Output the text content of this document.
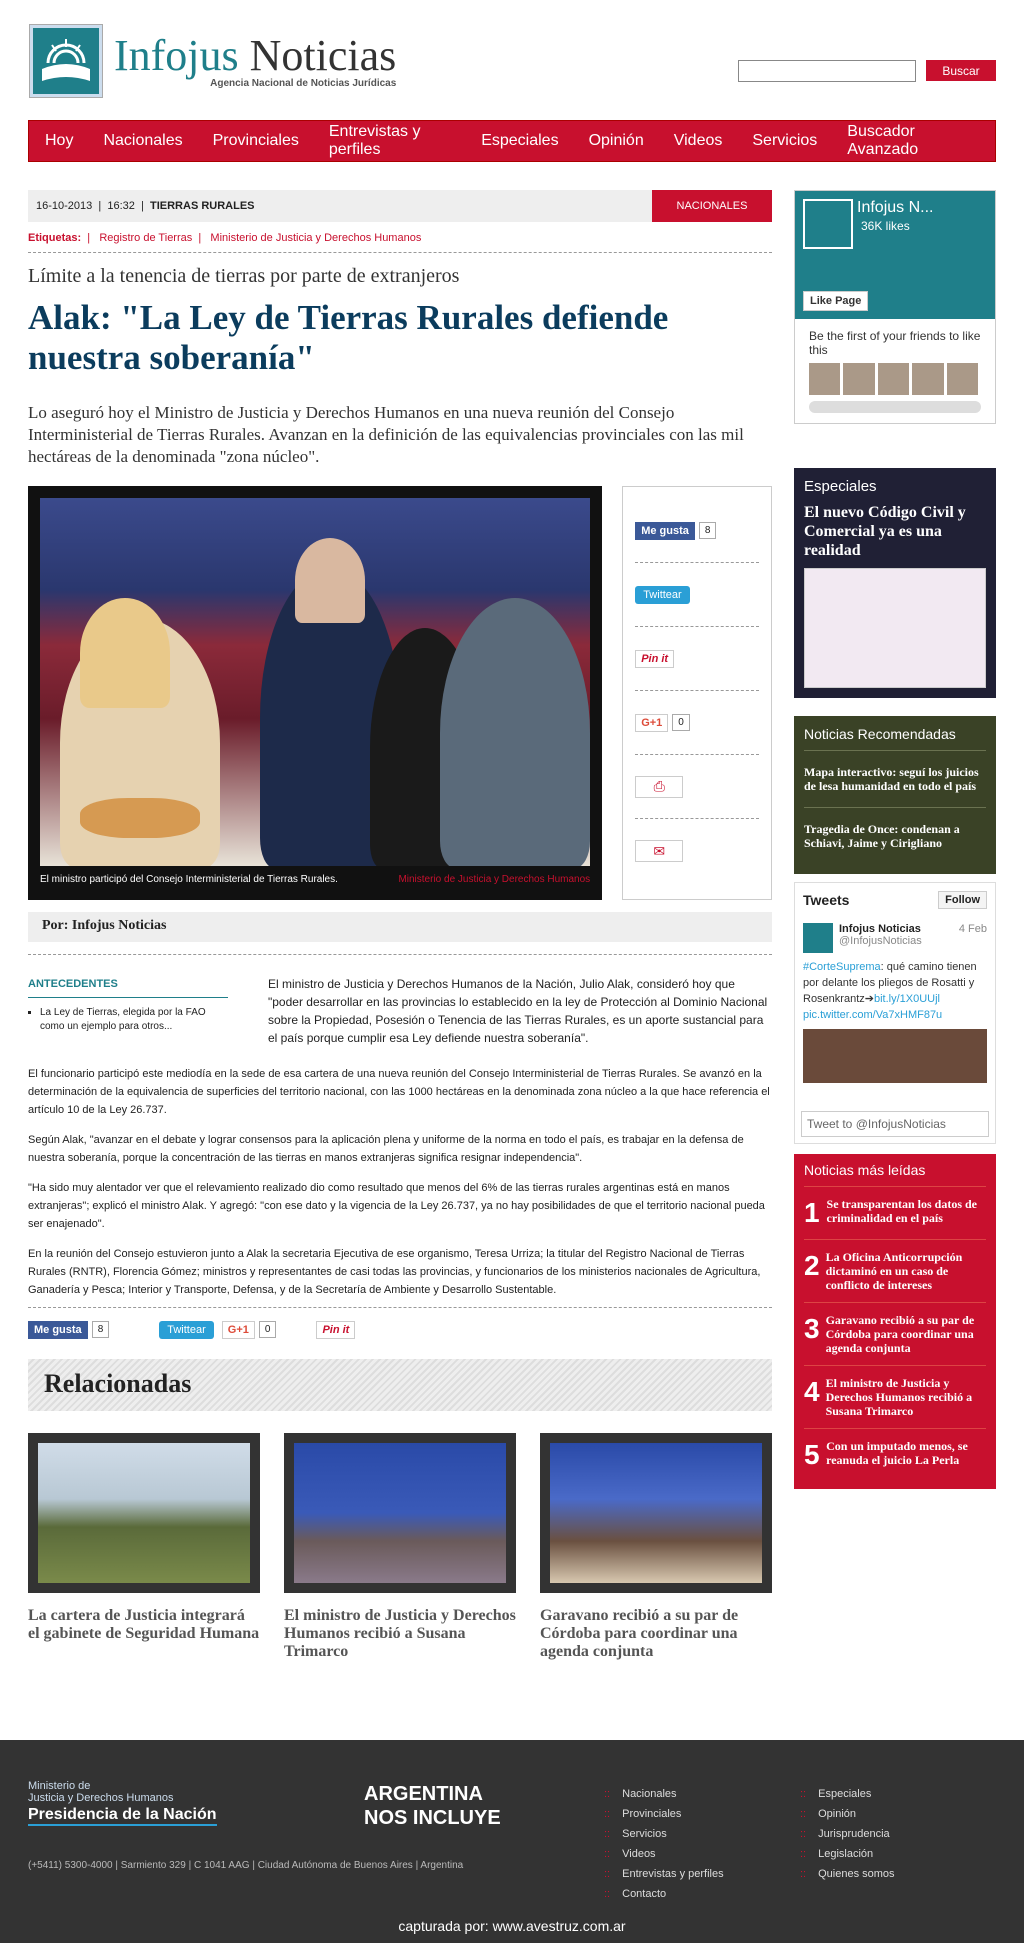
Infojus Noticias
Agencia Nacional de Noticias Jurídicas
Buscar
Hoy Nacionales Provinciales
Entrevistas y perfiles
Especiales Opinión Videos Servicios
Buscador Avanzado
16-10-2013 | 16:32 | TIERRAS RURALES	NACIONALES
Etiquetas:  |   Registro de Tierras  |   Ministerio de Justicia y Derechos Humanos
Límite a la tenencia de tierras por parte de extranjeros
Alak: "La Ley de Tierras Rurales defiende nuestra soberanía"
Lo aseguró hoy el Ministro de Justicia y Derechos Humanos en una nueva reunión del Consejo Interministerial de Tierras Rurales. Avanzan en la definición de las equivalencias provinciales con las mil hectáreas de la denominada "zona núcleo".
El ministro participó del Consejo Interministerial de Tierras Rurales.	Ministerio de Justicia y Derechos Humanos
Me gusta	8
Twittear
Pin it
G+1	0
⎙
✉
Por: Infojus Noticias
ANTECEDENTES
▪ La Ley de Tierras, elegida por la FAO como un ejemplo para otros...
El ministro de Justicia y Derechos Humanos de la Nación, Julio Alak, consideró hoy que "poder desarrollar en las provincias lo establecido en la ley de Protección al Dominio Nacional sobre la Propiedad, Posesión o Tenencia de las Tierras Rurales, es un aporte sustancial para el país porque cumplir esa Ley defiende nuestra soberanía".

El funcionario participó este mediodía en la sede de esa cartera de una nueva reunión del Consejo Interministerial de Tierras Rurales. Se avanzó en la determinación de la equivalencia de superficies del territorio nacional, con las 1000 hectáreas en la denominada zona núcleo a la que hace referencia el artículo 10 de la Ley 26.737.

Según Alak, "avanzar en el debate y lograr consensos para la aplicación plena y uniforme de la norma en todo el país, es trabajar en la defensa de nuestra soberanía, porque la concentración de las tierras en manos extranjeras significa resignar independencia".

"Ha sido muy alentador ver que el relevamiento realizado dio como resultado que menos del 6% de las tierras rurales argentinas está en manos extranjeras"; explicó el ministro Alak. Y agregó: "con ese dato y la vigencia de la Ley 26.737, ya no hay posibilidades de que el territorio nacional pueda ser enajenado".

En la reunión del Consejo estuvieron junto a Alak la secretaria Ejecutiva de ese organismo, Teresa Urriza; la titular del Registro Nacional de Tierras Rurales (RNTR), Florencia Gómez; ministros y representantes de casi todas las provincias, y funcionarios de los ministerios nacionales de Agricultura, Ganadería y Pesca; Interior y Transporte, Defensa, y de la Secretaría de Ambiente y Desarrollo Sustentable.

Me gusta	8	Twittear	G+1	0	Pin it
Relacionadas
La cartera de Justicia integrará el gabinete de Seguridad Humana
El ministro de Justicia y Derechos Humanos recibió a Susana Trimarco
Garavano recibió a su par de Córdoba para coordinar una agenda conjunta
Infojus N...
36K likes
Like Page
Be the first of your friends to like this
Especiales
El nuevo Código Civil y Comercial ya es una realidad
Noticias Recomendadas
Mapa interactivo: seguí los juicios de lesa humanidad en todo el país
Tragedia de Once: condenan a Schiavi, Jaime y Cirigliano
Tweets	Follow
Infojus Noticias	4 Feb

@InfojusNoticias
#CorteSuprema: qué camino tienen por delante los pliegos de Rosatti y Rosenkrantz➔bit.ly/1X0UUjl
pic.twitter.com/Va7xHMF87u
Tweet to @InfojusNoticias
Noticias más leídas
1 Se transparentan los datos de criminalidad en el país
2 La Oficina Anticorrupción dictaminó en un caso de conflicto de intereses
3 Garavano recibió a su par de Córdoba para coordinar una agenda conjunta
4 El ministro de Justicia y Derechos Humanos recibió a Susana Trimarco
5 Con un imputado menos, se reanuda el juicio La Perla
Ministerio de
Justicia y Derechos Humanos
Presidencia de la Nación
ARGENTINA
NOS INCLUYE
(+5411) 5300-4000 | Sarmiento 329 | C 1041 AAG | Ciudad Autónoma de Buenos Aires | Argentina
:: Nacionales
:: Provinciales
:: Servicios
:: Videos
:: Entrevistas y perfiles
:: Contacto
:: Especiales
:: Opinión
:: Jurisprudencia
:: Legislación
:: Quienes somos
capturada por: www.avestruz.com.ar
